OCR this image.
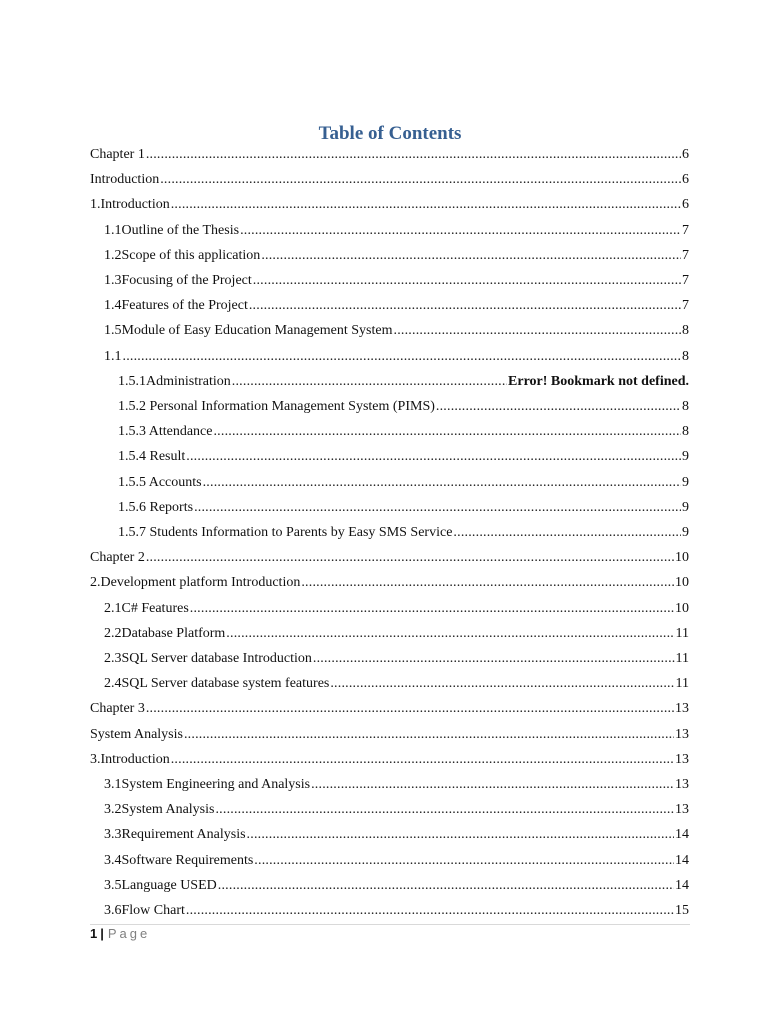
Table of Contents
Chapter 1 .....	6
Introduction .....	6
1. Introduction .....	6
1.1 Outline of the Thesis .....	7
1.2 Scope of this application .....	7
1.3 Focusing of the Project .....	7
1.4 Features of the Project .....	7
1.5 Module of Easy Education Management System .....	8
1.1 .....	8
1.5.1 Administration .....	Error! Bookmark not defined.
1.5.2 Personal Information Management System (PIMS) .....	8
1.5.3 Attendance .....	8
1.5.4 Result .....	9
1.5.5 Accounts .....	9
1.5.6 Reports .....	9
1.5.7 Students Information to Parents by Easy SMS Service .....	9
Chapter 2 .....	10
2. Development platform Introduction .....	10
2.1 C# Features .....	10
2.2 Database Platform .....	11
2.3 SQL Server database Introduction .....	11
2.4 SQL Server database system features .....	11
Chapter 3 .....	13
System Analysis .....	13
3. Introduction .....	13
3.1 System Engineering and Analysis .....	13
3.2 System Analysis .....	13
3.3 Requirement Analysis .....	14
3.4 Software Requirements .....	14
3.5 Language USED .....	14
3.6 Flow Chart .....	15
1 | Page
